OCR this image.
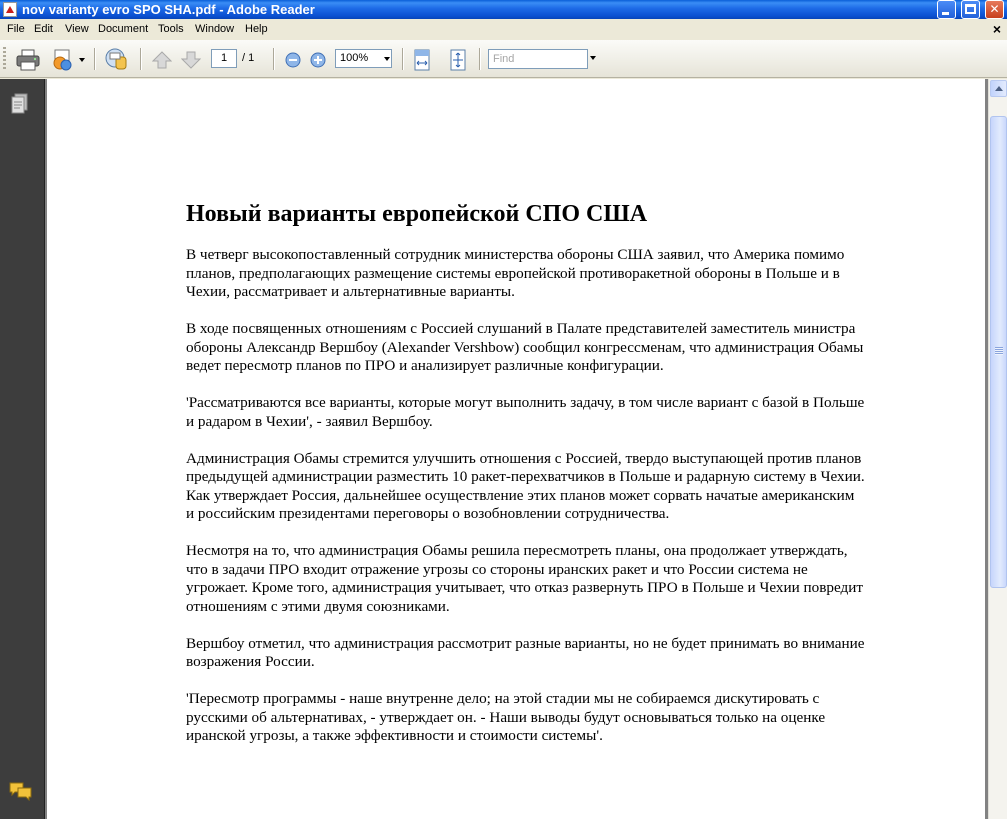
nov varianty evro SPO SHA.pdf - Adobe Reader	✕
File Edit View Document Tools Window Help	×
1	/ 1	100%	Find
Новый варианты европейской СПО США

В четверг высокопоставленный сотрудник министерства обороны США заявил, что Америка помимо планов, предполагающих размещение системы европейской противоракетной обороны в Польше и в Чехии, рассматривает и альтернативные варианты.

В ходе посвященных отношениям с Россией слушаний в Палате представителей заместитель министра обороны Александр Вершбоу (Alexander Vershbow) сообщил конгрессменам, что администрация Обамы ведет пересмотр планов по ПРО и анализирует различные конфигурации.

'Рассматриваются все варианты, которые могут выполнить задачу, в том числе вариант с базой в Польше и радаром в Чехии', - заявил Вершбоу.

Администрация Обамы стремится улучшить отношения с Россией, твердо выступающей против планов предыдущей администрации разместить 10 ракет-перехватчиков в Польше и радарную систему в Чехии. Как утверждает Россия, дальнейшее осуществление этих планов может сорвать начатые американским и российским президентами переговоры о возобновлении сотрудничества.

Несмотря на то, что администрация Обамы решила пересмотреть планы, она продолжает утверждать, что в задачи ПРО входит отражение угрозы со стороны иранских ракет и что России система не угрожает. Кроме того, администрация учитывает, что отказ развернуть ПРО в Польше и Чехии повредит отношениям с этими двумя союзниками.

Вершбоу отметил, что администрация рассмотрит разные варианты, но не будет принимать во внимание возражения России.

'Пересмотр программы - наше внутренне дело; на этой стадии мы не собираемся дискутировать с русскими об альтернативах, - утверждает он. - Наши выводы будут основываться только на оценке иранской угрозы, а также эффективности и стоимости системы'.
